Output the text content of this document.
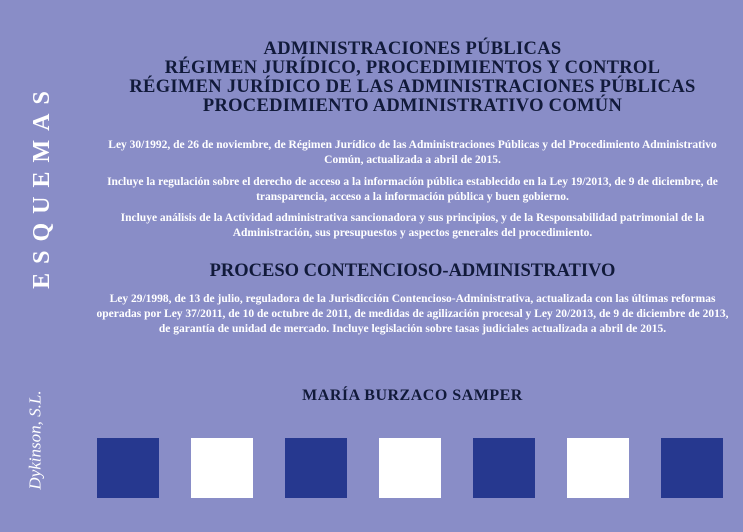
ESQUEMAS
Dykinson, S.L.
ADMINISTRACIONES PÚBLICAS
RÉGIMEN JURÍDICO, PROCEDIMIENTOS Y CONTROL
RÉGIMEN JURÍDICO DE LAS ADMINISTRACIONES PÚBLICAS
PROCEDIMIENTO ADMINISTRATIVO COMÚN
Ley 30/1992, de 26 de noviembre, de Régimen Jurídico de las Administraciones Públicas y del Procedimiento Administrativo Común, actualizada a abril de 2015.
Incluye la regulación sobre el derecho de acceso a la información pública establecido en la Ley 19/2013, de 9 de diciembre, de transparencia, acceso a la información pública y buen gobierno.
Incluye análisis de la Actividad administrativa sancionadora y sus principios, y de la Responsabilidad patrimonial de la Administración, sus presupuestos y aspectos generales del procedimiento.
PROCESO CONTENCIOSO-ADMINISTRATIVO
Ley 29/1998, de 13 de julio, reguladora de la Jurisdicción Contencioso-Administrativa, actualizada con las últimas reformas operadas por Ley 37/2011, de 10 de octubre de 2011, de medidas de agilización procesal y Ley 20/2013, de 9 de diciembre de 2013, de garantía de unidad de mercado. Incluye legislación sobre tasas judiciales actualizada a abril de 2015.
MARÍA BURZACO SAMPER
